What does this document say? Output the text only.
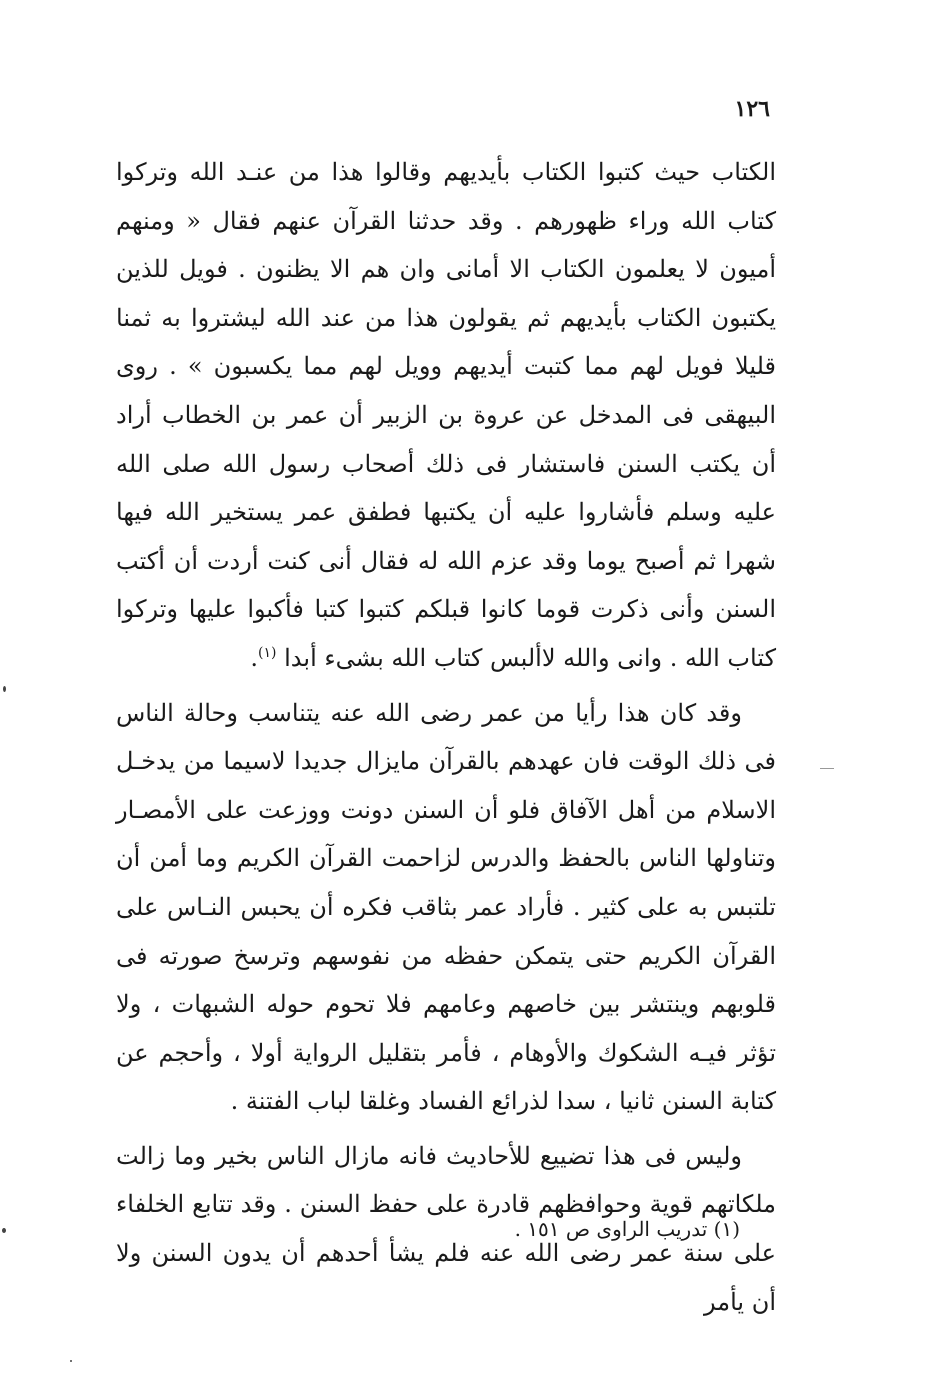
١٢٦

الكتاب حيث كتبوا الكتاب بأيديهم وقالوا هذا من عنـد الله وتركوا كتاب الله وراء ظهورهم . وقد حدثنا القرآن عنهم فقال « ومنهم أميون لا يعلمون الكتاب الا أمانى وان هم الا يظنون . فويل للذين يكتبون الكتاب بأيديهم ثم يقولون هذا من عند الله ليشتروا به ثمنا قليلا فويل لهم مما كتبت أيديهم وويل لهم مما يكسبون » . روى البيهقى فى المدخل عن عروة بن الزبير أن عمر بن الخطاب أراد أن يكتب السنن فاستشار فى ذلك أصحاب رسول الله صلى الله عليه وسلم فأشاروا عليه أن يكتبها فطفق عمر يستخير الله فيها شهرا ثم أصبح يوما وقد عزم الله له فقال أنى كنت أردت أن أكتب السنن وأنى ذكرت قوما كانوا قبلكم كتبوا كتبا فأكبوا عليها وتركوا كتاب الله . وانى والله لاألبس كتاب الله بشىء أبدا $^{(١)}$.

وقد كان هذا رأيا من عمر رضى الله عنه يتناسب وحالة الناس فى ذلك الوقت فان عهدهم بالقرآن مايزال جديدا لاسيما من يدخـل الاسلام من أهل الآفاق فلو أن السنن دونت ووزعت على الأمصـار وتناولها الناس بالحفظ والدرس لزاحمت القرآن الكريم وما أمن أن تلتبس به على كثير . فأراد عمر بثاقب فكره أن يحبس النـاس على القرآن الكريم حتى يتمكن حفظه من نفوسهم وترسخ صورته فى قلوبهم وينتشر بين خاصهم وعامهم فلا تحوم حوله الشبهات ، ولا تؤثر فيـه الشكوك والأوهام ، فأمر بتقليل الرواية أولا ، وأحجم عن كتابة السنن ثانيا ، سدا لذرائع الفساد وغلقا لباب الفتنة .

وليس فى هذا تضييع للأحاديث فانه مازال الناس بخير وما زالت ملكاتهم قوية وحوافظهم قادرة على حفظ السنن . وقد تتابع الخلفاء على سنة عمر رضى الله عنه فلم يشأ أحدهم أن يدون السنن ولا أن يأمر

(١) تدريب الراوى ص ١٥١ .
